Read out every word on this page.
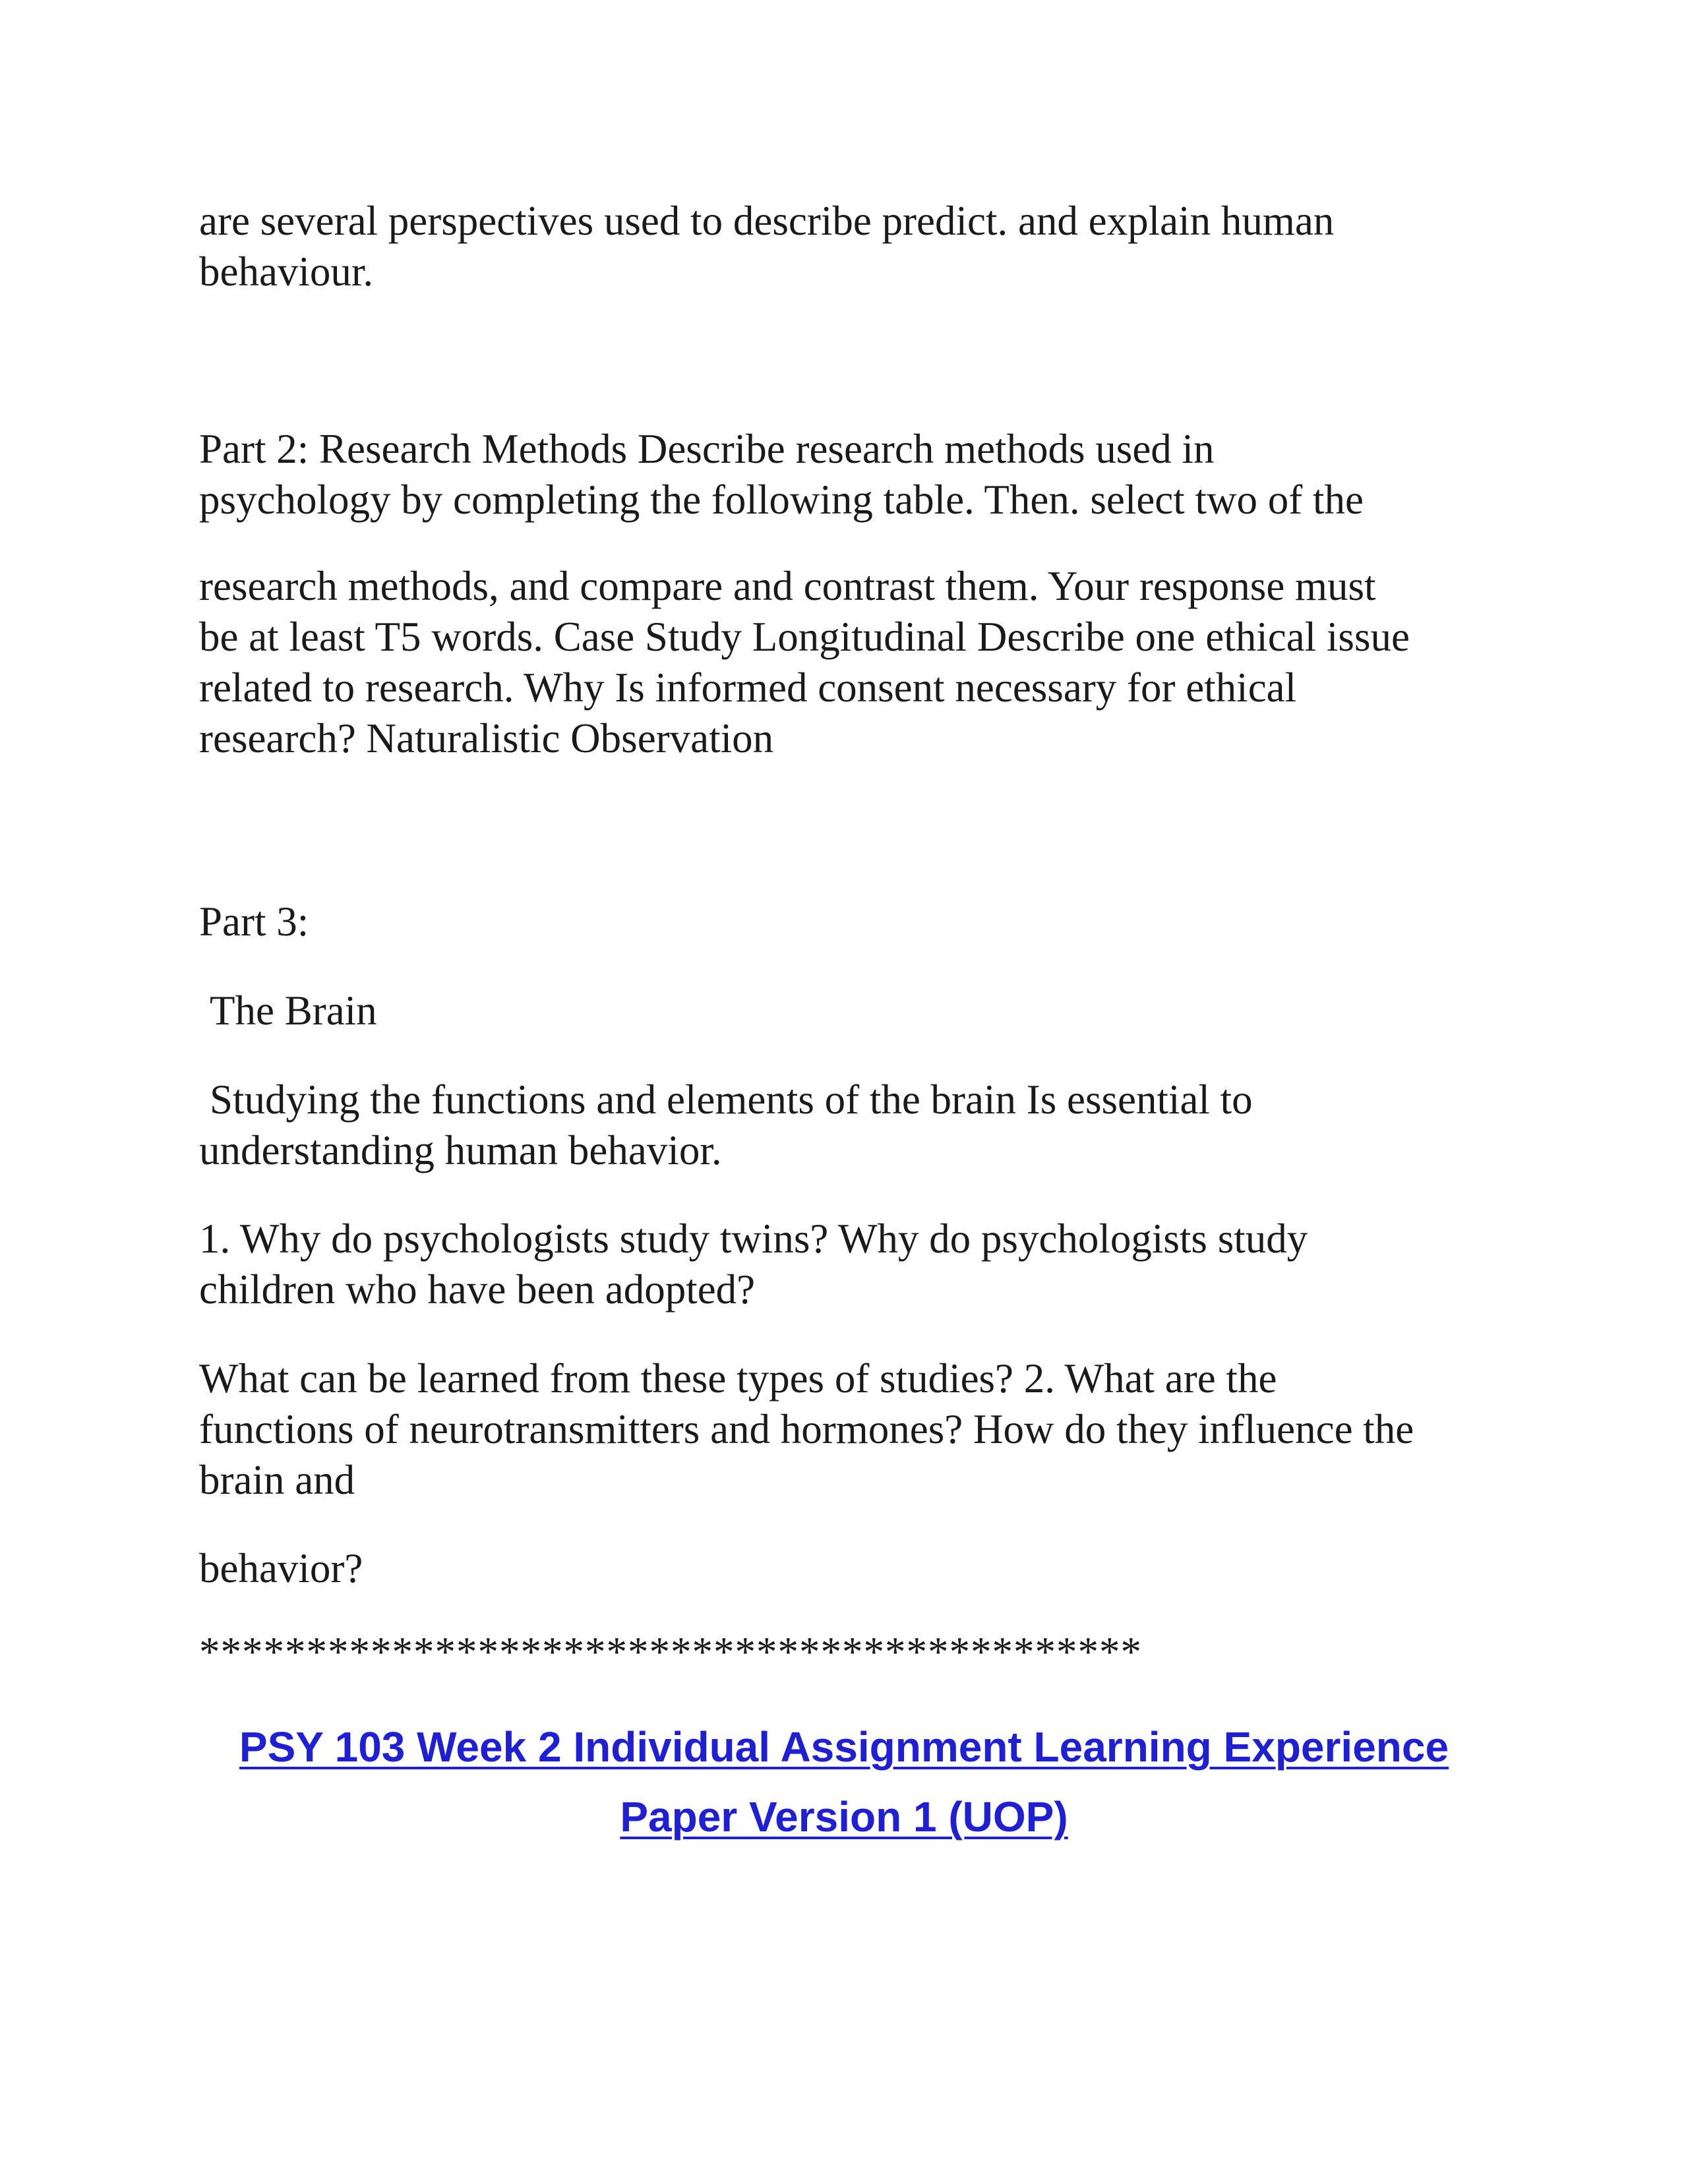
are several perspectives used to describe predict. and explain human
behaviour.

Part 2: Research Methods Describe research methods used in
psychology by completing the following table. Then. select two of the

research methods, and compare and contrast them. Your response must
be at least T5 words. Case Study Longitudinal Describe one ethical issue
related to research. Why Is informed consent necessary for ethical
research? Naturalistic Observation

Part 3:

The Brain

Studying the functions and elements of the brain Is essential to
understanding human behavior.

1. Why do psychologists study twins? Why do psychologists study
children who have been adopted?

What can be learned from these types of studies? 2. What are the
functions of neurotransmitters and hormones? How do they influence the
brain and

behavior?

********************************************
PSY 103 Week 2 Individual Assignment Learning Experience
Paper Version 1 (UOP)
